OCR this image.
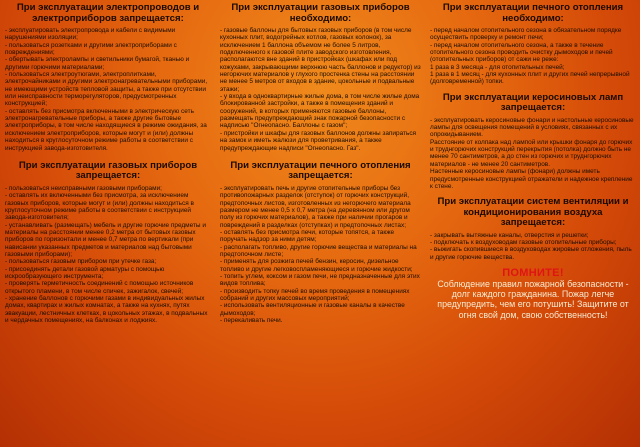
При эксплуатации электропроводов и электроприборов запрещается:
- эксплуатировать электропровода и кабели с видимыми нарушениями изоляции;
- пользоваться розетками и другими электроприборами с повреждениями;
- обертывать электролампы и светильники бумагой, тканью и другими горючими материалами;
- пользоваться электроутюгами, электроплитками, электрочайниками и другими электронагревательными приборами, не имеющими устройств тепловой защиты, а также при отсутствии или неисправности терморегуляторов, предусмотренных конструкцией;
- оставлять без присмотра включенными в электрическую сеть электронагревательные приборы, а также другие бытовые электроприборы, в том числе находящиеся в режиме ожидания, за исключением электроприборов, которые могут и (или) должны находиться в круглосуточном режиме работы в соответствии с инструкцией завода-изготовителя.
При эксплуатации газовых приборов запрещается:
- пользоваться неисправными газовыми приборами;
- оставлять их включенными без присмотра, за исключением газовых приборов, которые могут и (или) должны находиться в круглосуточном режиме работы в соответствии с инструкцией завода-изготовителя;
- устанавливать (размещать) мебель и другие горючие предметы и материалы на расстоянии менее 0,2 метра от бытовых газовых приборов по горизонтали и менее 0,7 метра по вертикали (при нависании указанных предметов и материалов над бытовыми газовыми приборами);
- пользоваться газовым прибором при утечке газа;
- присоединять детали газовой арматуры с помощью искрообразующего инструмента;
- проверять герметичность соединений с помощью источников открытого пламени, в том числе спичек, зажигалок, свечей;
- хранение баллонов с горючими газами в индивидуальных жилых домах, квартирах и жилых комнатах, а также на кухнях, путях эвакуации, лестничных клетках, в цокольных этажах, в подвальных и чердачных помещениях, на балконах и лоджиях.
При эксплуатации газовых приборов необходимо:
- газовые баллоны для бытовых газовых приборов (в том числе кухонных плит, водогрейных котлов, газовых колонок), за исключением 1 баллона объемом не более 5 литров, подключенного к газовой плите заводского изготовления, располагаются вне зданий в пристройках (шкафах или под кожухами, закрывающими верхнюю часть баллонов и редуктор) из негорючих материалов у глухого простенка стены на расстоянии не менее 5 метров от входов в здание, цокольные и подвальные этажи;
- у входа в одноквартирные жилые дома, в том числе жилые дома блокированной застройки, а также в помещения зданий и сооружений, в которых применяются газовые баллоны, размещать предупреждающий знак пожарной безопасности с надписью "Огнеопасно. Баллоны с газом";
- пристройки и шкафы для газовых баллонов должны запираться на замок и иметь жалюзи для проветривания, а также предупреждающие надписи "Огнеопасно. Газ".
При эксплуатации печного отопления запрещается:
- эксплуатировать печь и другие отопительные приборы без противопожарных разделок (отступок) от горючих конструкций, предтопочных листов, изготовленных из негорючего материала размером не менее 0,5 x 0,7 метра (на деревянном или другом полу из горючих материалов), а также при наличии прогаров и повреждений в разделках (отступках) и предтопочных листах;
- оставлять без присмотра печи, которые топятся, а также поручать надзор за ними детям;
- располагать топливо, другие горючие вещества и материалы на предтопочном листе;
- применять для розжига печей бензин, керосин, дизельное топливо и другие легковоспламеняющиеся и горючие жидкости;
- топить углем, коксом и газом печи, не предназначенные для этих видов топлива;
- производить топку печей во время проведения в помещениях собраний и других массовых мероприятий;
- использовать вентиляционные и газовые каналы в качестве дымоходов;
- перекаливать печи.
При эксплуатации печного отопления необходимо:
- перед началом отопительного сезона в обязательном порядке осуществить проверку и ремонт печи;
- перед началом отопительного сезона, а также в течение отопительного сезона проводить очистку дымоходов и печей (отопительных приборов) от сажи не реже:
1 раза в 3 месяца - для отопительных печей;
1 раза в 1 месяц - для кухонных плит и других печей непрерывной (долговременной) топки.
При эксплуатации керосиновых ламп запрещается:
- эксплуатировать керосиновые фонари и настольные керосиновые лампы для освещения помещений в условиях, связанных с их опрокидыванием.
Расстояние от колпака над лампой или крышки фонаря до горючих и труднгорючих конструкций перекрытия (потолка) должно быть не менее 70 сантиметров, а до стен из горючих и труднгорючих материалов - не менее 20 сантиметров.
Настенные керосиновые лампы (фонари) должны иметь предусмотренные конструкцией отражатели и надежное крепление к стене.
При эксплуатации систем вентиляции и кондиционирования воздуха запрещается:
- закрывать вытяжные каналы, отверстия и решетки;
- подключать к воздуховодам газовые отопительные приборы;
- выжигать скопившиеся в воздуховодах жировые отложения, пыль и другие горючие вещества.
ПОМНИТЕ!
Соблюдение правил пожарной безопасности - долг каждого гражданина. Пожар легче предупредить, чем его потушить! Защитите от огня свой дом, свою собственность!
